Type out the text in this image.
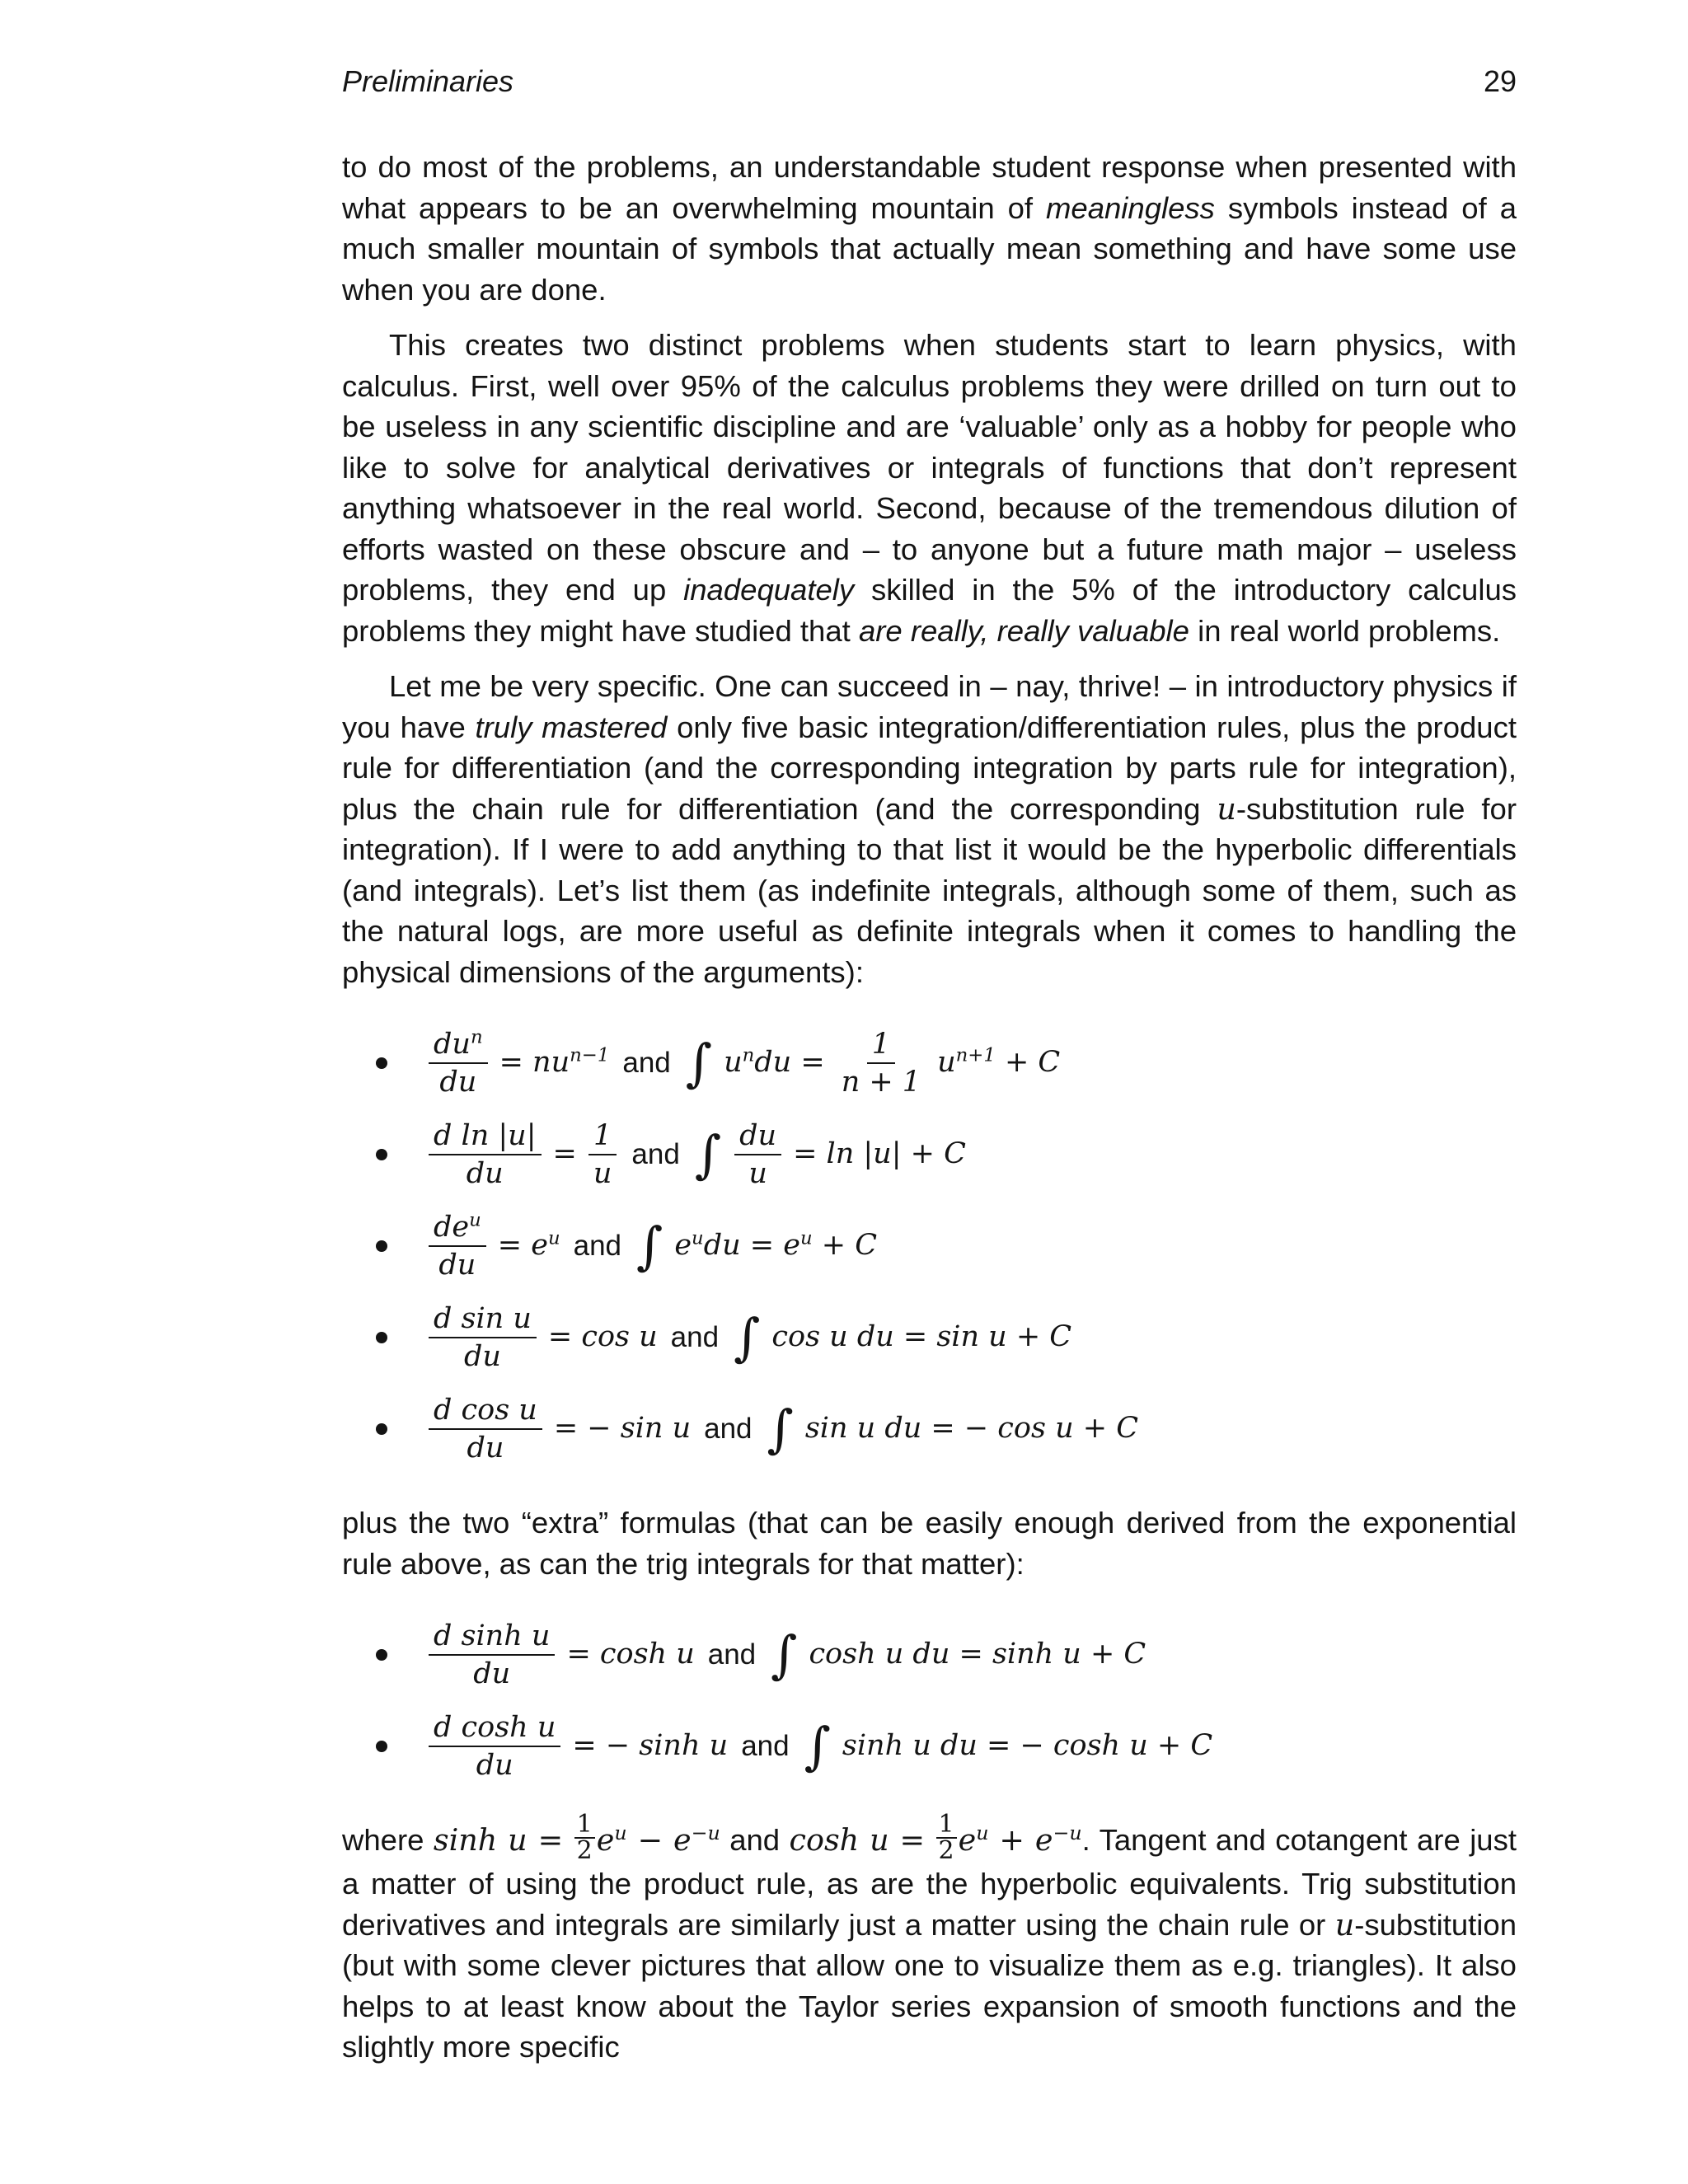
Preliminaries	29

to do most of the problems, an understandable student response when presented with what appears to be an overwhelming mountain of meaningless symbols instead of a much smaller mountain of symbols that actually mean something and have some use when you are done.

This creates two distinct problems when students start to learn physics, with calculus. First, well over 95% of the calculus problems they were drilled on turn out to be useless in any scientific discipline and are ‘valuable’ only as a hobby for people who like to solve for analytical derivatives or integrals of functions that don’t represent anything whatsoever in the real world. Second, because of the tremendous dilution of efforts wasted on these obscure and – to anyone but a future math major – useless problems, they end up inadequately skilled in the 5% of the introductory calculus problems they might have studied that are really, really valuable in real world problems.

Let me be very specific. One can succeed in – nay, thrive! – in introductory physics if you have truly mastered only five basic integration/differentiation rules, plus the product rule for differentiation (and the corresponding integration by parts rule for integration), plus the chain rule for differentiation (and the corresponding u-substitution rule for integration). If I were to add anything to that list it would be the hyperbolic differentials (and integrals). Let’s list them (as indefinite integrals, although some of them, such as the natural logs, are more useful as definite integrals when it comes to handling the physical dimensions of the arguments):

$\frac{du^n}{du} = nu^{n-1}$ and ∫ $u^ndu = \frac{1}{n + 1} u^{n+1} + C$
$\frac{\text{d ln |u|}}{du} = \frac{1}{u}$ and ∫ $\frac{du}{u} = \ln |u| + C$
$\frac{de^u}{du} = e^u$ and ∫ $e^udu = e^u + C$
$\frac{\text{d sin u}}{du} = \cos u$ and ∫ cos u du = sin u + C
$\frac{\text{d cos u}}{du}$ = − sin u and ∫ sin u du = − cos u + C

plus the two “extra” formulas (that can be easily enough derived from the exponential rule above, as can the trig integrals for that matter):

$\frac{\text{d sinh u}}{du} = \cosh u$ and ∫ cosh u du = sinh u + C
$\frac{\text{d cosh u}}{du}$ = − sinh u and ∫ sinh u du = − cosh u + C

where $\sinh u = \frac{1}{2} e^u - e^{-u}$ and $\cosh u = \frac{1}{2} e^u + e^{-u}$. Tangent and cotangent are just a matter of using the product rule, as are the hyperbolic equivalents. Trig substitution derivatives and integrals are similarly just a matter using the chain rule or u-substitution (but with some clever pictures that allow one to visualize them as e.g. triangles). It also helps to at least know about the Taylor series expansion of smooth functions and the slightly more specific
